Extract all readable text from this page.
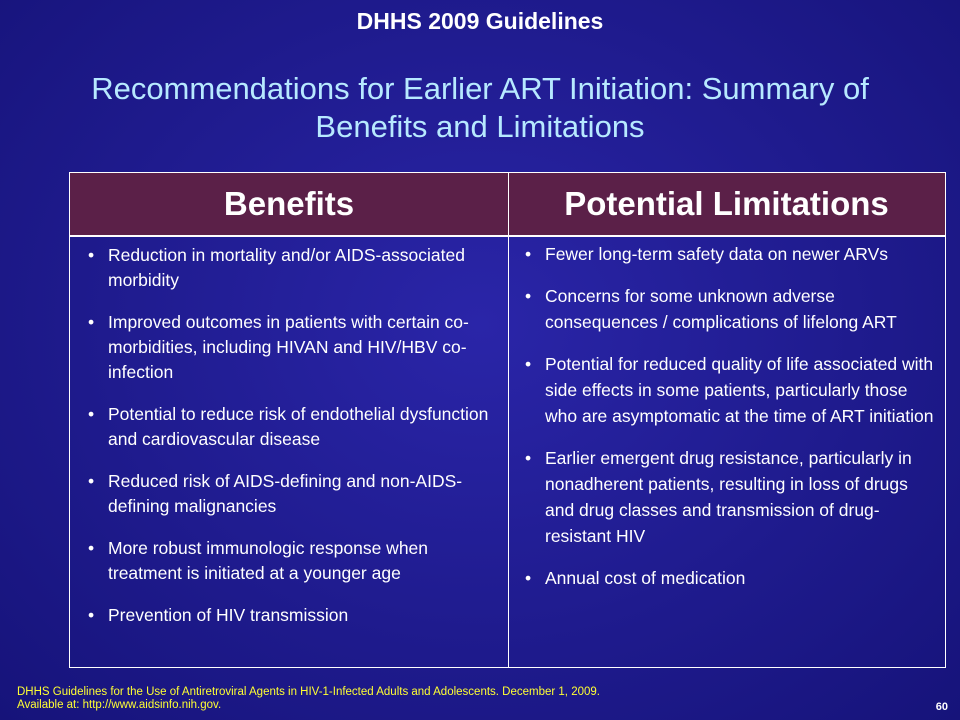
DHHS 2009 Guidelines
Recommendations for Earlier ART Initiation: Summary of
Benefits and Limitations
Benefits	Potential Limitations
• Reduction in mortality and/or AIDS-associated morbidity
• Improved outcomes in patients with certain co-morbidities, including HIVAN and HIV/HBV co-infection
• Potential to reduce risk of endothelial dysfunction and cardiovascular disease
• Reduced risk of AIDS-defining and non-AIDS-defining malignancies
• More robust immunologic response when treatment is initiated at a younger age
• Prevention of HIV transmission
• Fewer long-term safety data on newer ARVs
• Concerns for some unknown adverse consequences / complications of lifelong ART
• Potential for reduced quality of life associated with side effects in some patients, particularly those who are asymptomatic at the time of ART initiation
• Earlier emergent drug resistance, particularly in nonadherent patients, resulting in loss of drugs and drug classes and transmission of drug-resistant HIV
• Annual cost of medication
DHHS Guidelines for the Use of Antiretroviral Agents in HIV-1-Infected Adults and Adolescents. December 1, 2009.
Available at: http://www.aidsinfo.nih.gov.	60
